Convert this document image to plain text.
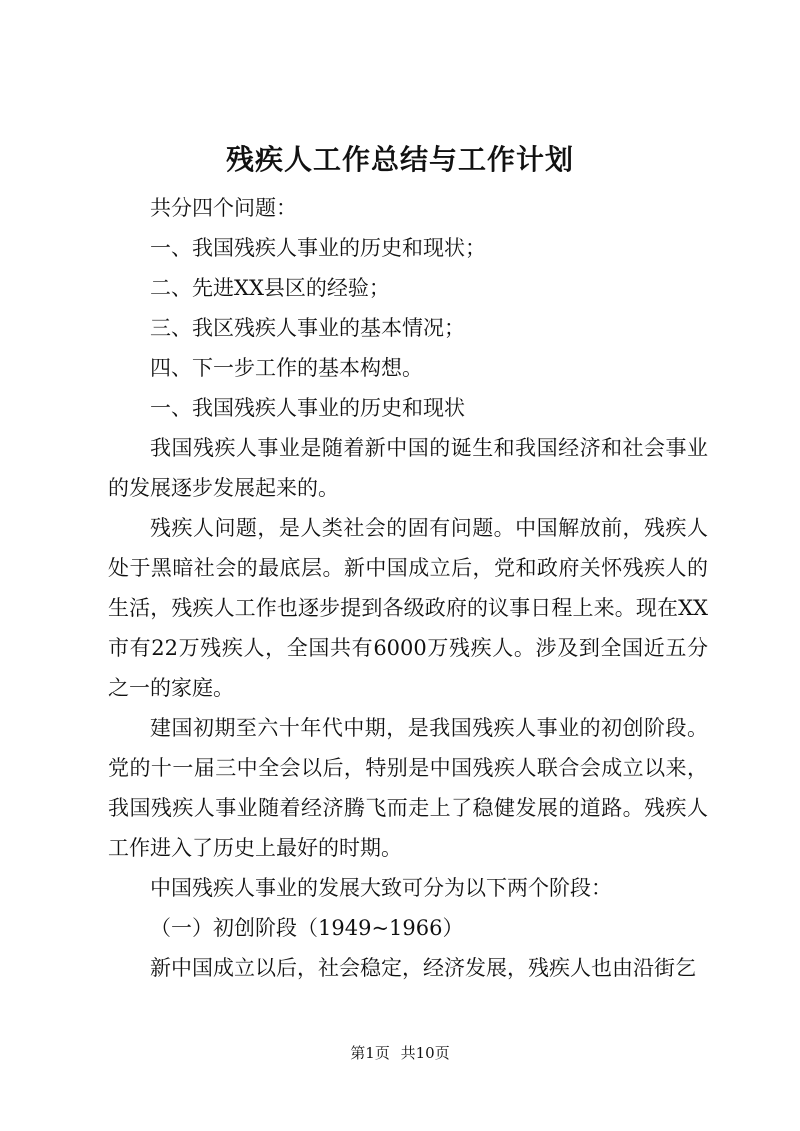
残疾人工作总结与工作计划

共分四个问题：

一、我国残疾人事业的历史和现状；

二、先进XX县区的经验；

三、我区残疾人事业的基本情况；

四、下一步工作的基本构想。

一、我国残疾人事业的历史和现状

我国残疾人事业是随着新中国的诞生和我国经济和社会事业的发展逐步发展起来的。

残疾人问题，是人类社会的固有问题。中国解放前，残疾人处于黑暗社会的最底层。新中国成立后，党和政府关怀残疾人的生活，残疾人工作也逐步提到各级政府的议事日程上来。现在XX市有22万残疾人，全国共有6000万残疾人。涉及到全国近五分之一的家庭。

建国初期至六十年代中期，是我国残疾人事业的初创阶段。党的十一届三中全会以后，特别是中国残疾人联合会成立以来，我国残疾人事业随着经济腾飞而走上了稳健发展的道路。残疾人工作进入了历史上最好的时期。

中国残疾人事业的发展大致可分为以下两个阶段：

（一）初创阶段（1949~1966）

新中国成立以后，社会稳定，经济发展，残疾人也由沿街乞

第1页 共10页
